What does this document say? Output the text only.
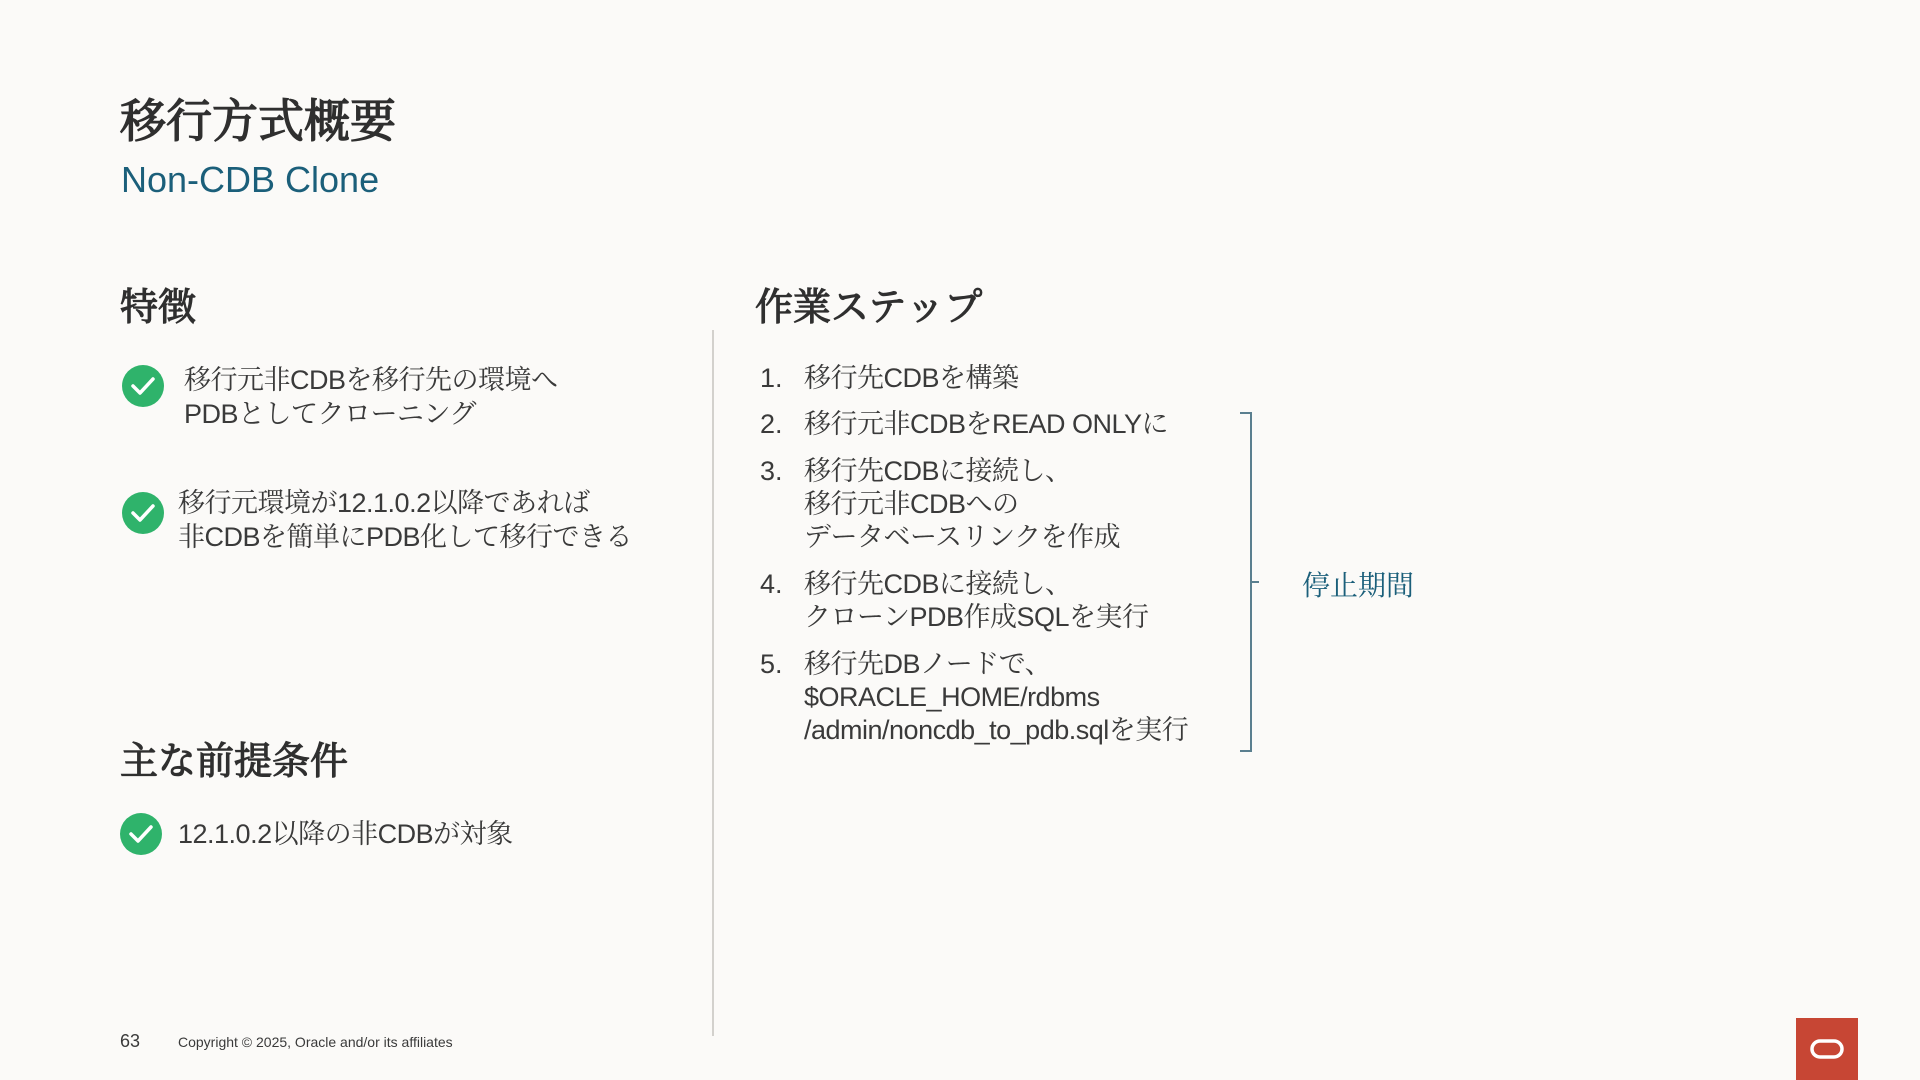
移行方式概要
Non-CDB Clone
特徴
移行元非CDBを移行先の環境へ
PDBとしてクローニング
移行元環境が12.1.0.2以降であれば
非CDBを簡単にPDB化して移行できる
主な前提条件
12.1.0.2以降の非CDBが対象
作業ステップ
1. 移行先CDBを構築
2. 移行元非CDBをREAD ONLYに
3. 移行先CDBに接続し、
移行元非CDBへの
データベースリンクを作成
4. 移行先CDBに接続し、
クローンPDB作成SQLを実行
5. 移行先DBノードで、
$ORACLE_HOME/rdbms
/admin/noncdb_to_pdb.sqlを実行
停止期間
63	Copyright © 2025, Oracle and/or its affiliates
